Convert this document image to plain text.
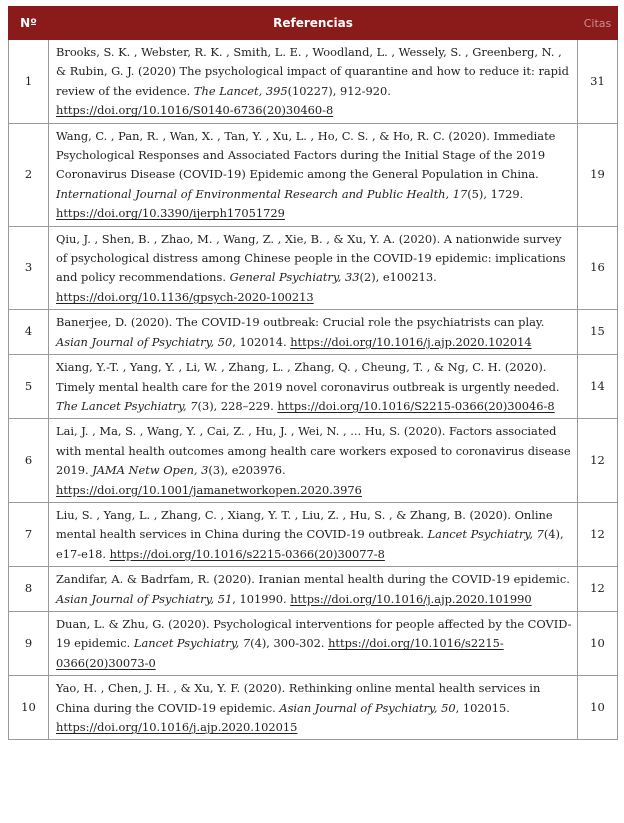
Nº	Referencias	Citas
1	Brooks, S. K. , Webster, R. K. , Smith, L. E. , Woodland, L. , Wessely, S. , Greenberg, N. , & Rubin, G. J. (2020) The psychological impact of quarantine and how to reduce it: rapid review of the evidence. The Lancet, 395(10227), 912-920. https://doi.org/10.1016/S0140-6736(20)30460-8	31
2	Wang, C. , Pan, R. , Wan, X. , Tan, Y. , Xu, L. , Ho, C. S. , & Ho, R. C. (2020). Immediate Psychological Responses and Associated Factors during the Initial Stage of the 2019 Coronavirus Disease (COVID-19) Epidemic among the General Population in China. International Journal of Environmental Research and Public Health, 17(5), 1729. https://doi.org/10.3390/ijerph17051729	19
3	Qiu, J. , Shen, B. , Zhao, M. , Wang, Z. , Xie, B. , & Xu, Y. A. (2020). A nationwide survey of psychological distress among Chinese people in the COVID-19 epidemic: implications and policy recommendations. General Psychiatry, 33(2), e100213. https://doi.org/10.1136/gpsych-2020-100213	16
4	Banerjee, D. (2020). The COVID-19 outbreak: Crucial role the psychiatrists can play. Asian Journal of Psychiatry, 50, 102014. https://doi.org/10.1016/j.ajp.2020.102014	15
5	Xiang, Y.-T. , Yang, Y. , Li, W. , Zhang, L. , Zhang, Q. , Cheung, T. , & Ng, C. H. (2020). Timely mental health care for the 2019 novel coronavirus outbreak is urgently needed. The Lancet Psychiatry, 7(3), 228–229. https://doi.org/10.1016/S2215-0366(20)30046-8	14
6	Lai, J. , Ma, S. , Wang, Y. , Cai, Z. , Hu, J. , Wei, N. , ... Hu, S. (2020). Factors associated with mental health outcomes among health care workers exposed to coronavirus disease 2019. JAMA Netw Open, 3(3), e203976. https://doi.org/10.1001/jamanetworkopen.2020.3976	12
7	Liu, S. , Yang, L. , Zhang, C. , Xiang, Y. T. , Liu, Z. , Hu, S. , & Zhang, B. (2020). Online mental health services in China during the COVID-19 outbreak. Lancet Psychiatry, 7(4), e17-e18. https://doi.org/10.1016/s2215-0366(20)30077-8	12
8	Zandifar, A. & Badrfam, R. (2020). Iranian mental health during the COVID-19 epidemic. Asian Journal of Psychiatry, 51, 101990. https://doi.org/10.1016/j.ajp.2020.101990	12
9	Duan, L. & Zhu, G. (2020). Psychological interventions for people affected by the COVID-19 epidemic. Lancet Psychiatry, 7(4), 300-302. https://doi.org/10.1016/s2215-0366(20)30073-0	10
10	Yao, H. , Chen, J. H. , & Xu, Y. F. (2020). Rethinking online mental health services in China during the COVID-19 epidemic. Asian Journal of Psychiatry, 50, 102015. https://doi.org/10.1016/j.ajp.2020.102015	10
